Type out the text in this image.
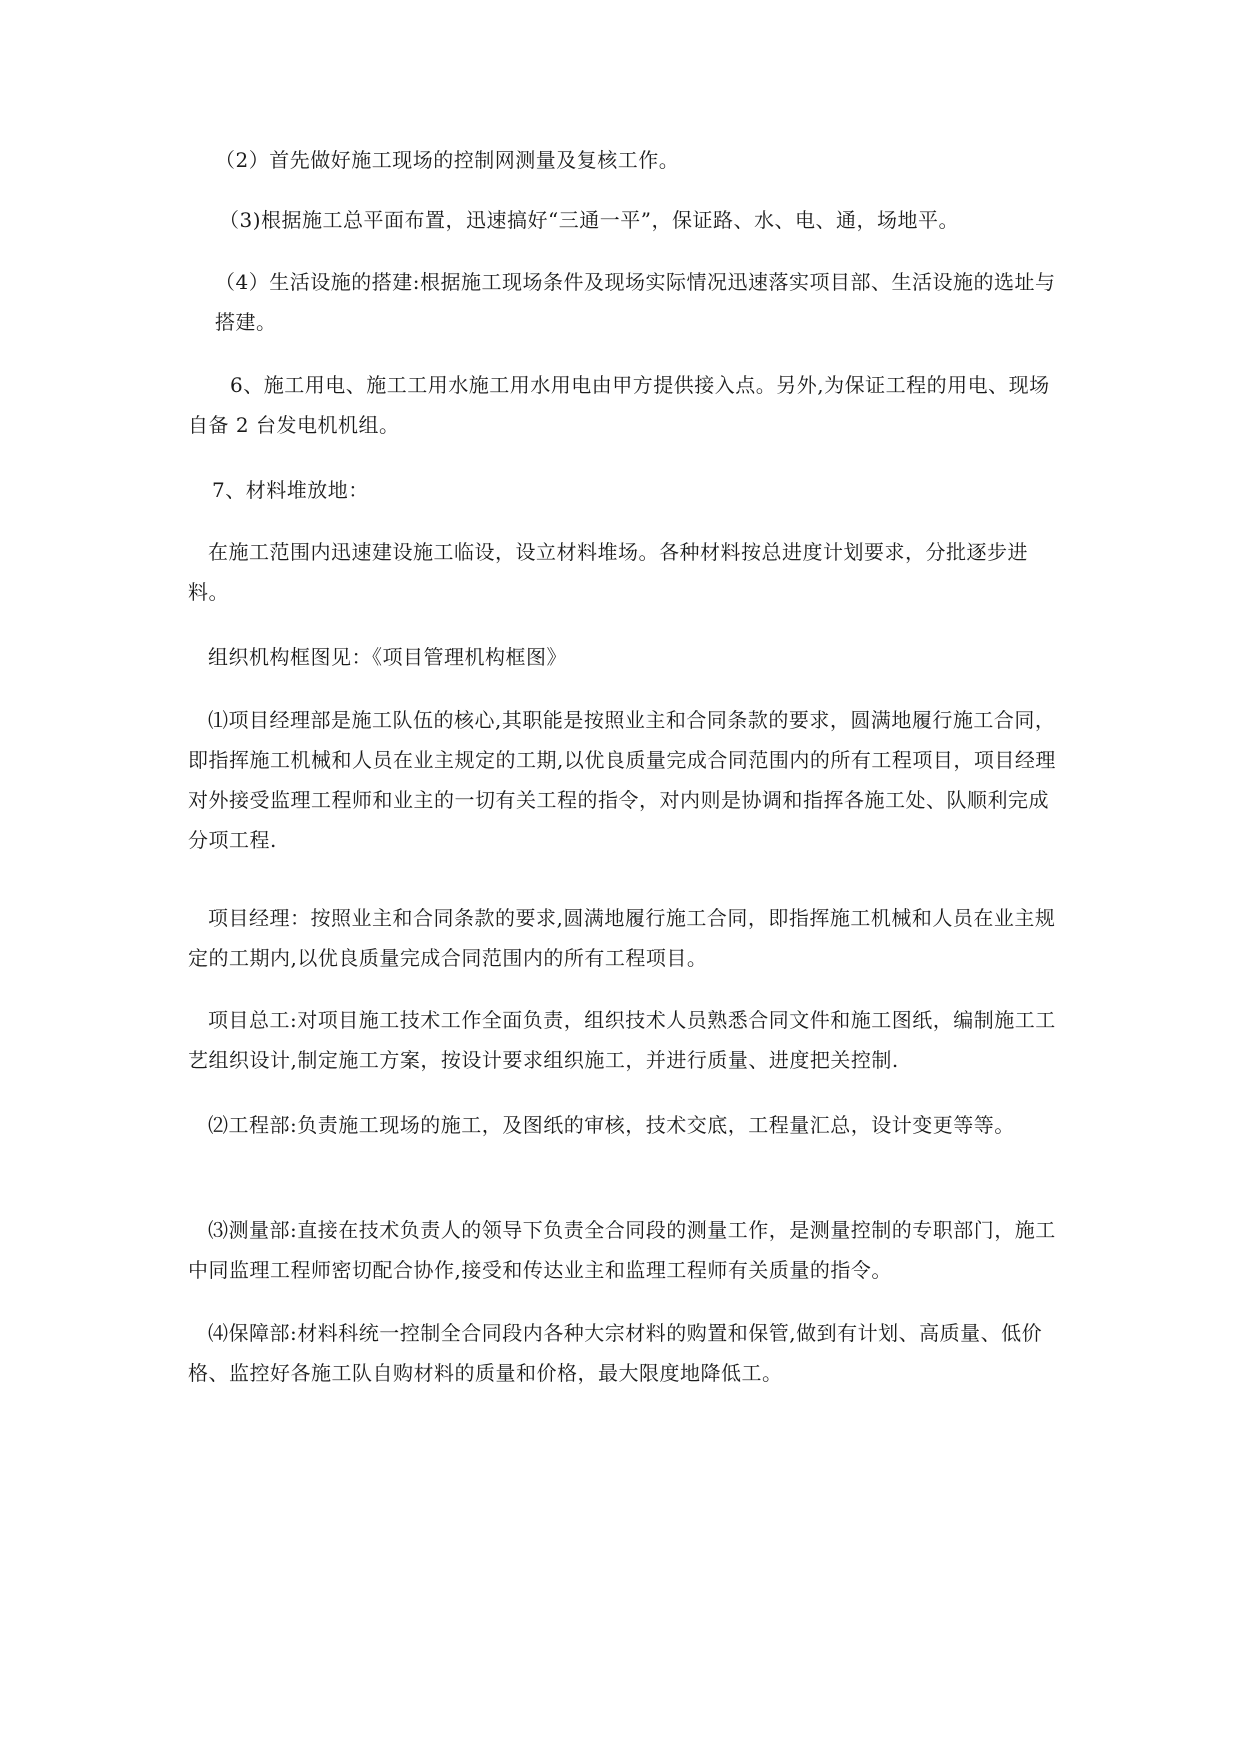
（2）首先做好施工现场的控制网测量及复核工作。

（3)根据施工总平面布置，迅速搞好“三通一平”，保证路、水、电、通，场地平。

（4）生活设施的搭建:根据施工现场条件及现场实际情况迅速落实项目部、生活设施的选址与搭建。

6、施工用电、施工工用水施工用水用电由甲方提供接入点。另外,为保证工程的用电、现场自备 2 台发电机机组。

7、材料堆放地：

在施工范围内迅速建设施工临设，设立材料堆场。各种材料按总进度计划要求，分批逐步进料。

组织机构框图见：《项目管理机构框图》

⑴项目经理部是施工队伍的核心,其职能是按照业主和合同条款的要求，圆满地履行施工合同，即指挥施工机械和人员在业主规定的工期,以优良质量完成合同范围内的所有工程项目，项目经理对外接受监理工程师和业主的一切有关工程的指令，对内则是协调和指挥各施工处、队顺利完成分项工程.

项目经理：按照业主和合同条款的要求,圆满地履行施工合同，即指挥施工机械和人员在业主规定的工期内,以优良质量完成合同范围内的所有工程项目。

项目总工:对项目施工技术工作全面负责，组织技术人员熟悉合同文件和施工图纸，编制施工工艺组织设计,制定施工方案，按设计要求组织施工，并进行质量、进度把关控制.

⑵工程部:负责施工现场的施工，及图纸的审核，技术交底，工程量汇总，设计变更等等。

⑶测量部:直接在技术负责人的领导下负责全合同段的测量工作，是测量控制的专职部门，施工中同监理工程师密切配合协作,接受和传达业主和监理工程师有关质量的指令。

⑷保障部:材料科统一控制全合同段内各种大宗材料的购置和保管,做到有计划、高质量、低价格、监控好各施工队自购材料的质量和价格，最大限度地降低工。
